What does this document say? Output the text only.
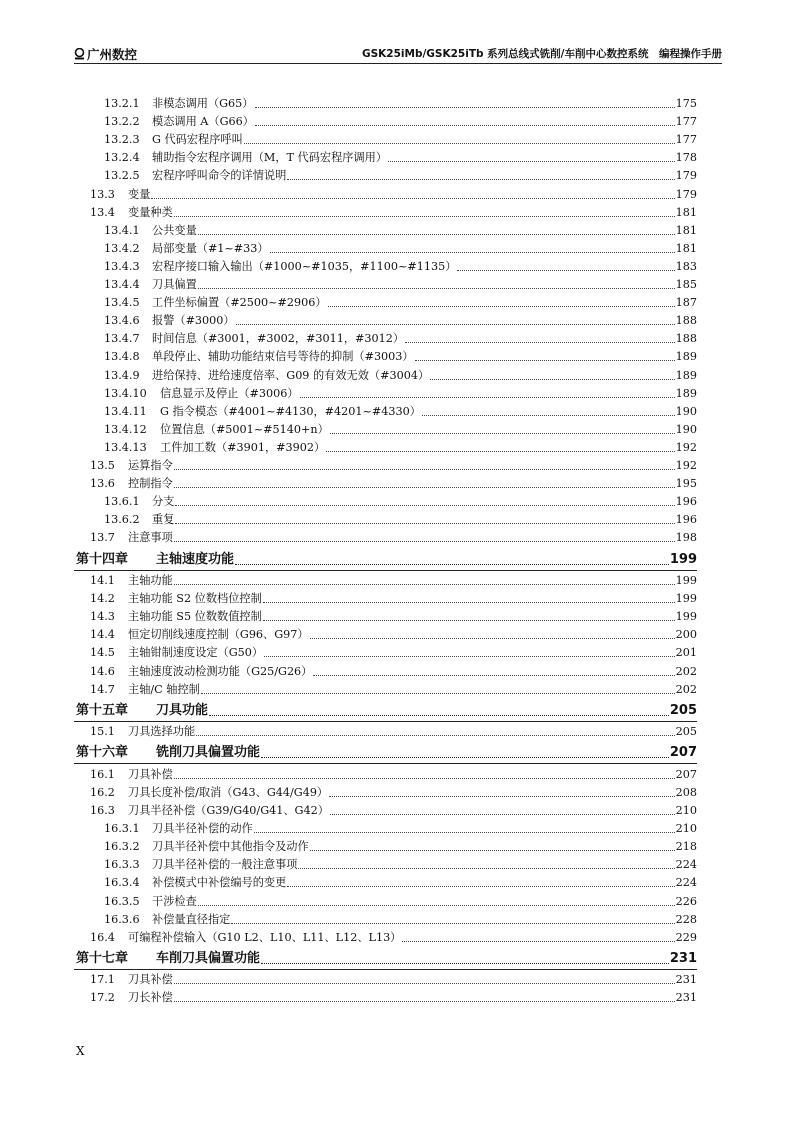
广州数控	GSK25iMb/GSK25iTb 系列总线式铣削/车削中心数控系统　编程操作手册
13.2.1 非模态调用（G65）	175
13.2.2 模态调用 A（G66）	177
13.2.3 G 代码宏程序呼叫	177
13.2.4 辅助指令宏程序调用（M，T 代码宏程序调用）	178
13.2.5 宏程序呼叫命令的详情说明	179
13.3 变量	179
13.4 变量种类	181
13.4.1 公共变量	181
13.4.2 局部变量（#1~#33）	181
13.4.3 宏程序接口输入输出（#1000~#1035，#1100~#1135）	183
13.4.4 刀具偏置	185
13.4.5 工件坐标偏置（#2500~#2906）	187
13.4.6 报警（#3000）	188
13.4.7 时间信息（#3001，#3002，#3011，#3012）	188
13.4.8 单段停止、辅助功能结束信号等待的抑制（#3003）	189
13.4.9 进给保持、进给速度倍率、G09 的有效无效（#3004）	189
13.4.10 信息显示及停止（#3006）	189
13.4.11 G 指令模态（#4001~#4130，#4201~#4330）	190
13.4.12 位置信息（#5001~#5140+n）	190
13.4.13 工件加工数（#3901，#3902）	192
13.5 运算指令	192
13.6 控制指令	195
13.6.1 分支	196
13.6.2 重复	196
13.7 注意事项	198
第十四章 主轴速度功能	199
14.1 主轴功能	199
14.2 主轴功能 S2 位数档位控制	199
14.3 主轴功能 S5 位数数值控制	199
14.4 恒定切削线速度控制（G96、G97）	200
14.5 主轴钳制速度设定（G50）	201
14.6 主轴速度波动检测功能（G25/G26）	202
14.7 主轴/C 轴控制	202
第十五章 刀具功能	205
15.1 刀具选择功能	205
第十六章 铣削刀具偏置功能	207
16.1 刀具补偿	207
16.2 刀具长度补偿/取消（G43、G44/G49）	208
16.3 刀具半径补偿（G39/G40/G41、G42）	210
16.3.1 刀具半径补偿的动作	210
16.3.2 刀具半径补偿中其他指令及动作	218
16.3.3 刀具半径补偿的一般注意事项	224
16.3.4 补偿模式中补偿编号的变更	224
16.3.5 干涉检查	226
16.3.6 补偿量直径指定	228
16.4 可编程补偿输入（G10 L2、L10、L11、L12、L13）	229
第十七章 车削刀具偏置功能	231
17.1 刀具补偿	231
17.2 刀长补偿	231
X
